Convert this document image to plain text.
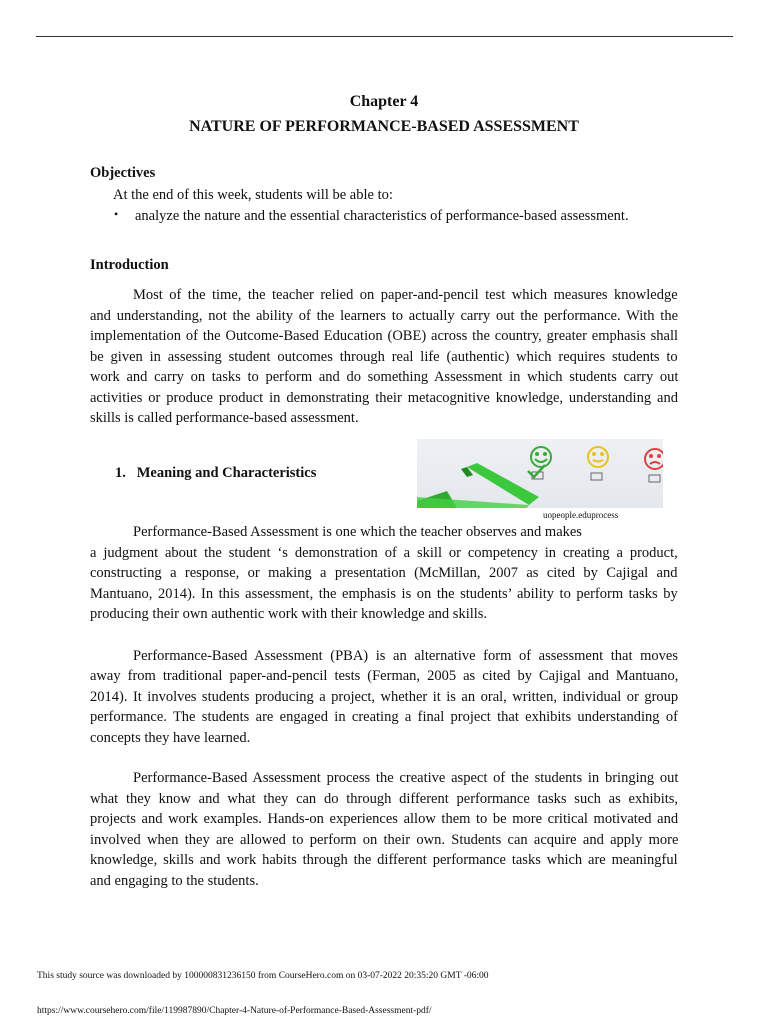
Chapter 4
NATURE OF PERFORMANCE-BASED ASSESSMENT
Objectives
At the end of this week, students will be able to:
• analyze the nature and the essential characteristics of performance-based assessment.
Introduction
Most of the time, the teacher relied on paper-and-pencil test which measures knowledge
and understanding, not the ability of the learners to actually carry out the performance. With the
implementation of the Outcome-Based Education (OBE) across the country, greater emphasis shall
be given in assessing student outcomes through real life (authentic) which requires students to
work and carry on tasks to perform and do something Assessment in which students carry out
activities or produce product in demonstrating their metacognitive knowledge, understanding and
skills is called performance-based assessment.
1.   Meaning and Characteristics
uopeople.eduprocess
Performance-Based Assessment is one which the teacher observes and makes
a judgment about the student ‘s demonstration of a skill or competency in creating a product,
constructing a response, or making a presentation (McMillan, 2007 as cited by Cajigal and
Mantuano, 2014). In this assessment, the emphasis is on the students’ ability to perform tasks by
producing their own authentic work with their knowledge and skills.
Performance-Based Assessment (PBA) is an alternative form of assessment that moves
away from traditional paper-and-pencil tests (Ferman, 2005 as cited by Cajigal and Mantuano,
2014). It involves students producing a project, whether it is an oral, written, individual or group
performance. The students are engaged in creating a final project that exhibits understanding of
concepts they have learned.
Performance-Based Assessment process the creative aspect of the students in bringing out
what they know and what they can do through different performance tasks such as exhibits,
projects and work examples. Hands-on experiences allow them to be more critical motivated and
involved when they are allowed to perform on their own. Students can acquire and apply more
knowledge, skills and work habits through the different performance tasks which are meaningful
and engaging to the students.
This study source was downloaded by 100000831236150 from CourseHero.com on 03-07-2022 20:35:20 GMT -06:00
https://www.coursehero.com/file/119987890/Chapter-4-Nature-of-Performance-Based-Assessment-pdf/
